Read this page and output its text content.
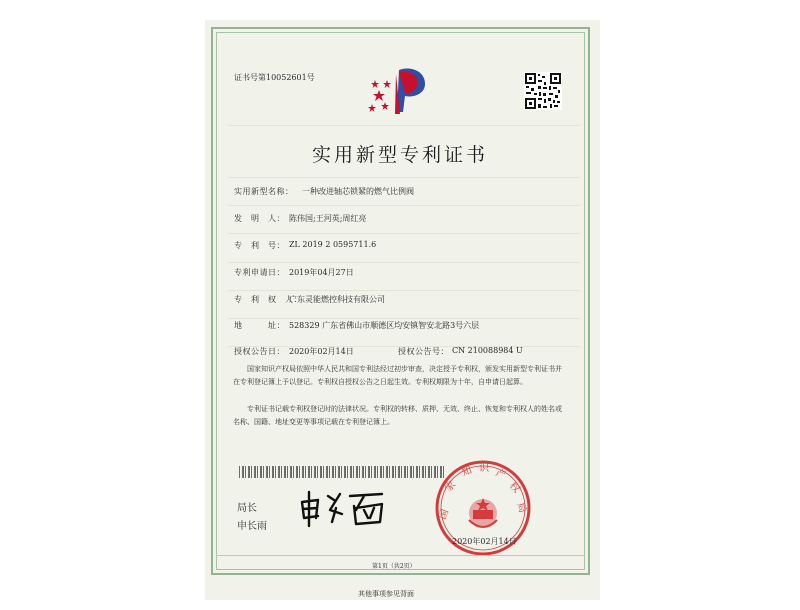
证书号第10052601号
实用新型专利证书
实用新型名称： 一种改进轴芯锁紧的燃气比例阀
发　明　人： 陈伟国;王河英;周红亮
专　利　号： ZL 2019 2 0595711.6
专利申请日： 2019年04月27日
专　利　权　人：
广东灵能燃控科技有限公司
地　　　址： 528329 广东省佛山市顺德区均安镇智安北路3号六层
授权公告日： 2020年02月14日	授权公告号： CN 210088984 U
国家知识产权局依照中华人民共和国专利法经过初步审查，决定授予专利权，颁发实用新型专利证书并在专利登记簿上予以登记。专利权自授权公告之日起生效。专利权期限为十年，自申请日起算。
专利证书记载专利权登记时的法律状况。专利权的转移、质押、无效、终止、恢复和专利权人的姓名或名称、国籍、地址变更等事项记载在专利登记簿上。
局长
申长雨
国
家
知 识 产
权
局
2020年02月14日
第1页（共2页）
其他事项参见背面
